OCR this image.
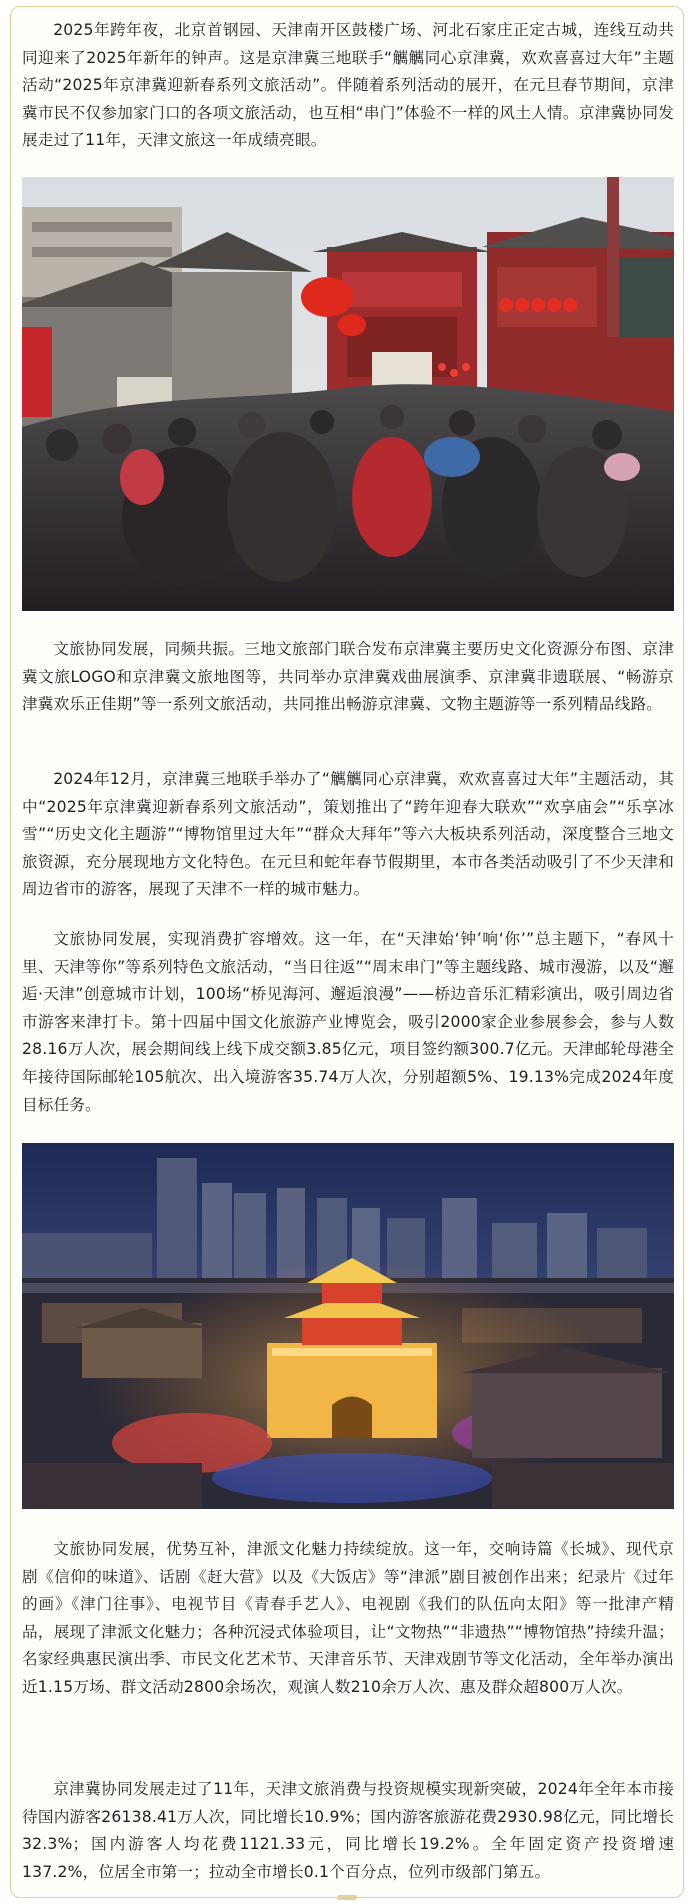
2025年跨年夜，北京首钢园、天津南开区鼓楼广场、河北石家庄正定古城，连线互动共同迎来了2025年新年的钟声。这是京津冀三地联手“觽觽同心京津冀，欢欢喜喜过大年”主题活动“2025年京津冀迎新春系列文旅活动”。伴随着系列活动的展开，在元旦春节期间，京津冀市民不仅参加家门口的各项文旅活动，也互相“串门”体验不一样的风土人情。京津冀协同发展走过了11年，天津文旅这一年成绩亮眼。

文旅协同发展，同频共振。三地文旅部门联合发布京津冀主要历史文化资源分布图、京津冀文旅LOGO和京津冀文旅地图等，共同举办京津冀戏曲展演季、京津冀非遗联展、“畅游京津冀欢乐正佳期”等一系列文旅活动，共同推出畅游京津冀、文物主题游等一系列精品线路。

2024年12月，京津冀三地联手举办了“觽觽同心京津冀，欢欢喜喜过大年”主题活动，其中“2025年京津冀迎新春系列文旅活动”，策划推出了“跨年迎春大联欢”“欢享庙会”“乐享冰雪”“历史文化主题游”“博物馆里过大年”“群众大拜年”等六大板块系列活动，深度整合三地文旅资源，充分展现地方文化特色。在元旦和蛇年春节假期里，本市各类活动吸引了不少天津和周边省市的游客，展现了天津不一样的城市魅力。

文旅协同发展，实现消费扩容增效。这一年，在“天津始‘钟’响‘你’”总主题下，“春风十里、天津等你”等系列特色文旅活动，“当日往返”“周末串门”等主题线路、城市漫游，以及“邂逅·天津”创意城市计划，100场“桥见海河、邂逅浪漫”——桥边音乐汇精彩演出，吸引周边省市游客来津打卡。第十四届中国文化旅游产业博览会，吸引2000家企业参展参会，参与人数28.16万人次，展会期间线上线下成交额3.85亿元，项目签约额300.7亿元。天津邮轮母港全年接待国际邮轮105航次、出入境游客35.74万人次，分别超额5%、19.13%完成2024年度目标任务。

文旅协同发展，优势互补，津派文化魅力持续绽放。这一年，交响诗篇《长城》、现代京剧《信仰的味道》、话剧《赶大营》以及《大饭店》等“津派”剧目被创作出来；纪录片《过年的画》《津门往事》、电视节目《青春手艺人》、电视剧《我们的队伍向太阳》等一批津产精品，展现了津派文化魅力；各种沉浸式体验项目，让“文物热”“非遗热”“博物馆热”持续升温；名家经典惠民演出季、市民文化艺术节、天津音乐节、天津戏剧节等文化活动，全年举办演出近1.15万场、群文活动2800余场次，观演人数210余万人次、惠及群众超800万人次。

京津冀协同发展走过了11年，天津文旅消费与投资规模实现新突破，2024年全年本市接待国内游客26138.41万人次，同比增长10.9%；国内游客旅游花费2930.98亿元，同比增长32.3%；国内游客人均花费1121.33元，同比增长19.2%。全年固定资产投资增速137.2%，位居全市第一；拉动全市增长0.1个百分点，位列市级部门第五。
